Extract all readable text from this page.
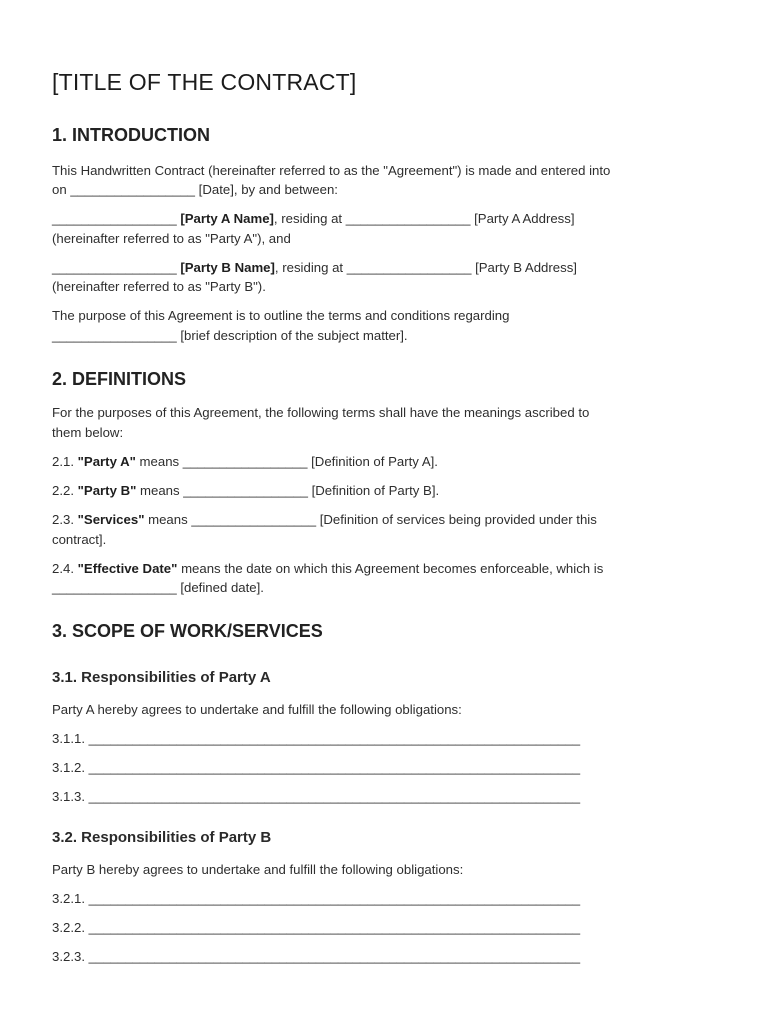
[TITLE OF THE CONTRACT]
1. INTRODUCTION

This Handwritten Contract (hereinafter referred to as the "Agreement") is made and entered into

on _________________ [Date], by and between:

_________________ [Party A Name], residing at _________________ [Party A Address]

(hereinafter referred to as "Party A"), and

_________________ [Party B Name], residing at _________________ [Party B Address]

(hereinafter referred to as "Party B").

The purpose of this Agreement is to outline the terms and conditions regarding

_________________ [brief description of the subject matter].

2. DEFINITIONS

For the purposes of this Agreement, the following terms shall have the meanings ascribed to

them below:

2.1. "Party A" means _________________ [Definition of Party A].

2.2. "Party B" means _________________ [Definition of Party B].

2.3. "Services" means _________________ [Definition of services being provided under this

contract].

2.4. "Effective Date" means the date on which this Agreement becomes enforceable, which is

_________________ [defined date].

3. SCOPE OF WORK/SERVICES
3.1. Responsibilities of Party A

Party A hereby agrees to undertake and fulfill the following obligations:

3.1.1. ___________________________________________________________________

3.1.2. ___________________________________________________________________

3.1.3. ___________________________________________________________________

3.2. Responsibilities of Party B

Party B hereby agrees to undertake and fulfill the following obligations:

3.2.1. ___________________________________________________________________

3.2.2. ___________________________________________________________________

3.2.3. ___________________________________________________________________
